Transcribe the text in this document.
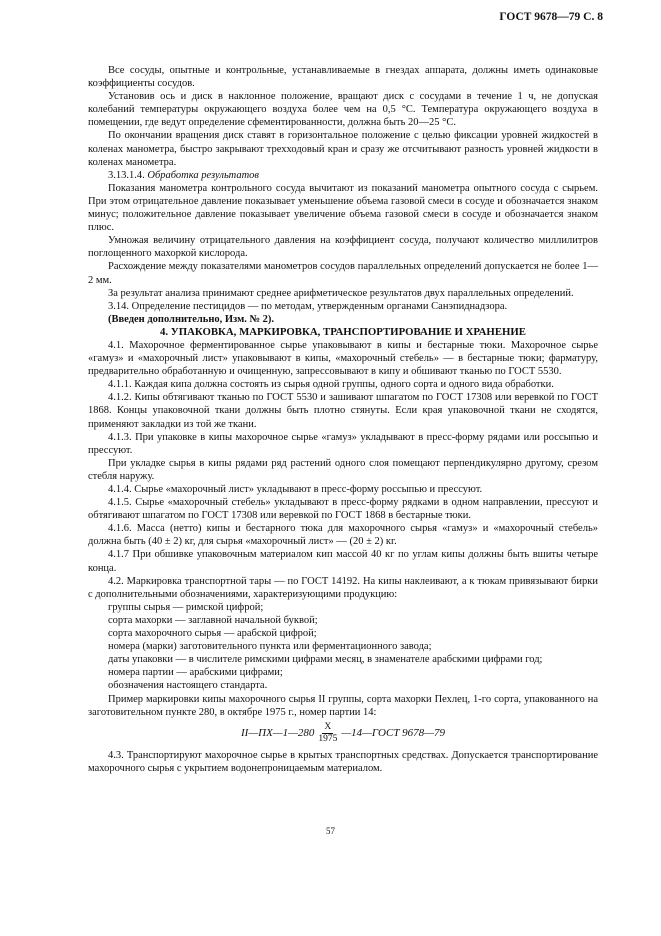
ГОСТ 9678—79 С. 8

Все сосуды, опытные и контрольные, устанавливаемые в гнездах аппарата, должны иметь одинаковые коэффициенты сосудов.

Установив ось и диск в наклонное положение, вращают диск с сосудами в течение 1 ч, не допуская колебаний температуры окружающего воздуха более чем на 0,5 °С. Температура окружающего воздуха в помещении, где ведут определение сфементированности, должна быть 20—25 °С.

По окончании вращения диск ставят в горизонтальное положение с целью фиксации уровней жидкостей в коленах манометра, быстро закрывают трехходовый кран и сразу же отсчитывают разность уровней жидкости в коленах манометра.

3.13.1.4. Обработка результатов

Показания манометра контрольного сосуда вычитают из показаний манометра опытного сосуда с сырьем. При этом отрицательное давление показывает уменьшение объема газовой смеси в сосуде и обозначается знаком минус; положительное давление показывает увеличение объема газовой смеси в сосуде и обозначается знаком плюс.

Умножая величину отрицательного давления на коэффициент сосуда, получают количество миллилитров поглощенного махоркой кислорода.

Расхождение между показателями манометров сосудов параллельных определений допускается не более 1—2 мм.

За результат анализа принимают среднее арифметическое результатов двух параллельных определений.

3.14. Определение пестицидов — по методам, утвержденным органами Санэпиднадзора.

(Введен дополнительно, Изм. № 2).

4. УПАКОВКА, МАРКИРОВКА, ТРАНСПОРТИРОВАНИЕ И ХРАНЕНИЕ

4.1. Махорочное ферментированное сырье упаковывают в кипы и бестарные тюки. Махорочное сырье «гамуз» и «махорочный лист» упаковывают в кипы, «махорочный стебель» — в бестарные тюки; фарматуру, предварительно обработанную и очищенную, запрессовывают в кипу и обшивают тканью по ГОСТ 5530.

4.1.1. Каждая кипа должна состоять из сырья одной группы, одного сорта и одного вида обработки.

4.1.2. Кипы обтягивают тканью по ГОСТ 5530 и зашивают шпагатом по ГОСТ 17308 или веревкой по ГОСТ 1868. Концы упаковочной ткани должны быть плотно стянуты. Если края упаковочной ткани не сходятся, применяют закладки из той же ткани.

4.1.3. При упаковке в кипы махорочное сырье «гамуз» укладывают в пресс-форму рядами или россыпью и прессуют.

При укладке сырья в кипы рядами ряд растений одного слоя помещают перпендикулярно другому, срезом стебля наружу.

4.1.4. Сырье «махорочный лист» укладывают в пресс-форму россыпью и прессуют.

4.1.5. Сырье «махорочный стебель» укладывают в пресс-форму рядками в одном направлении, прессуют и обтягивают шпагатом по ГОСТ 17308 или веревкой по ГОСТ 1868 в бестарные тюки.

4.1.6. Масса (нетто) кипы и бестарного тюка для махорочного сырья «гамуз» и «махорочный стебель» должна быть (40 ± 2) кг, для сырья «махорочный лист» — (20 ± 2) кг.

4.1.7 При обшивке упаковочным материалом кип массой 40 кг по углам кипы должны быть вшиты четыре конца.

4.2. Маркировка транспортной тары — по ГОСТ 14192. На кипы наклеивают, а к тюкам привязывают бирки с дополнительными обозначениями, характеризующими продукцию:

группы сырья — римской цифрой;

сорта махорки — заглавной начальной буквой;

сорта махорочного сырья — арабской цифрой;

номера (марки) заготовительного пункта или ферментационного завода;

даты упаковки — в числителе римскими цифрами месяц, в знаменателе арабскими цифрами год;

номера партии — арабскими цифрами;

обозначения настоящего стандарта.

Пример маркировки кипы махорочного сырья II группы, сорта махорки Пехлец, 1-го сорта, упакованного на заготовительном пункте 280, в октябре 1975 г., номер партии 14:

II—ПХ—1—280 $\frac{X}{1975}$ —14—ГОСТ 9678—79

4.3. Транспортируют махорочное сырье в крытых транспортных средствах. Допускается транспортирование махорочного сырья с укрытием водонепроницаемым материалом.

57
